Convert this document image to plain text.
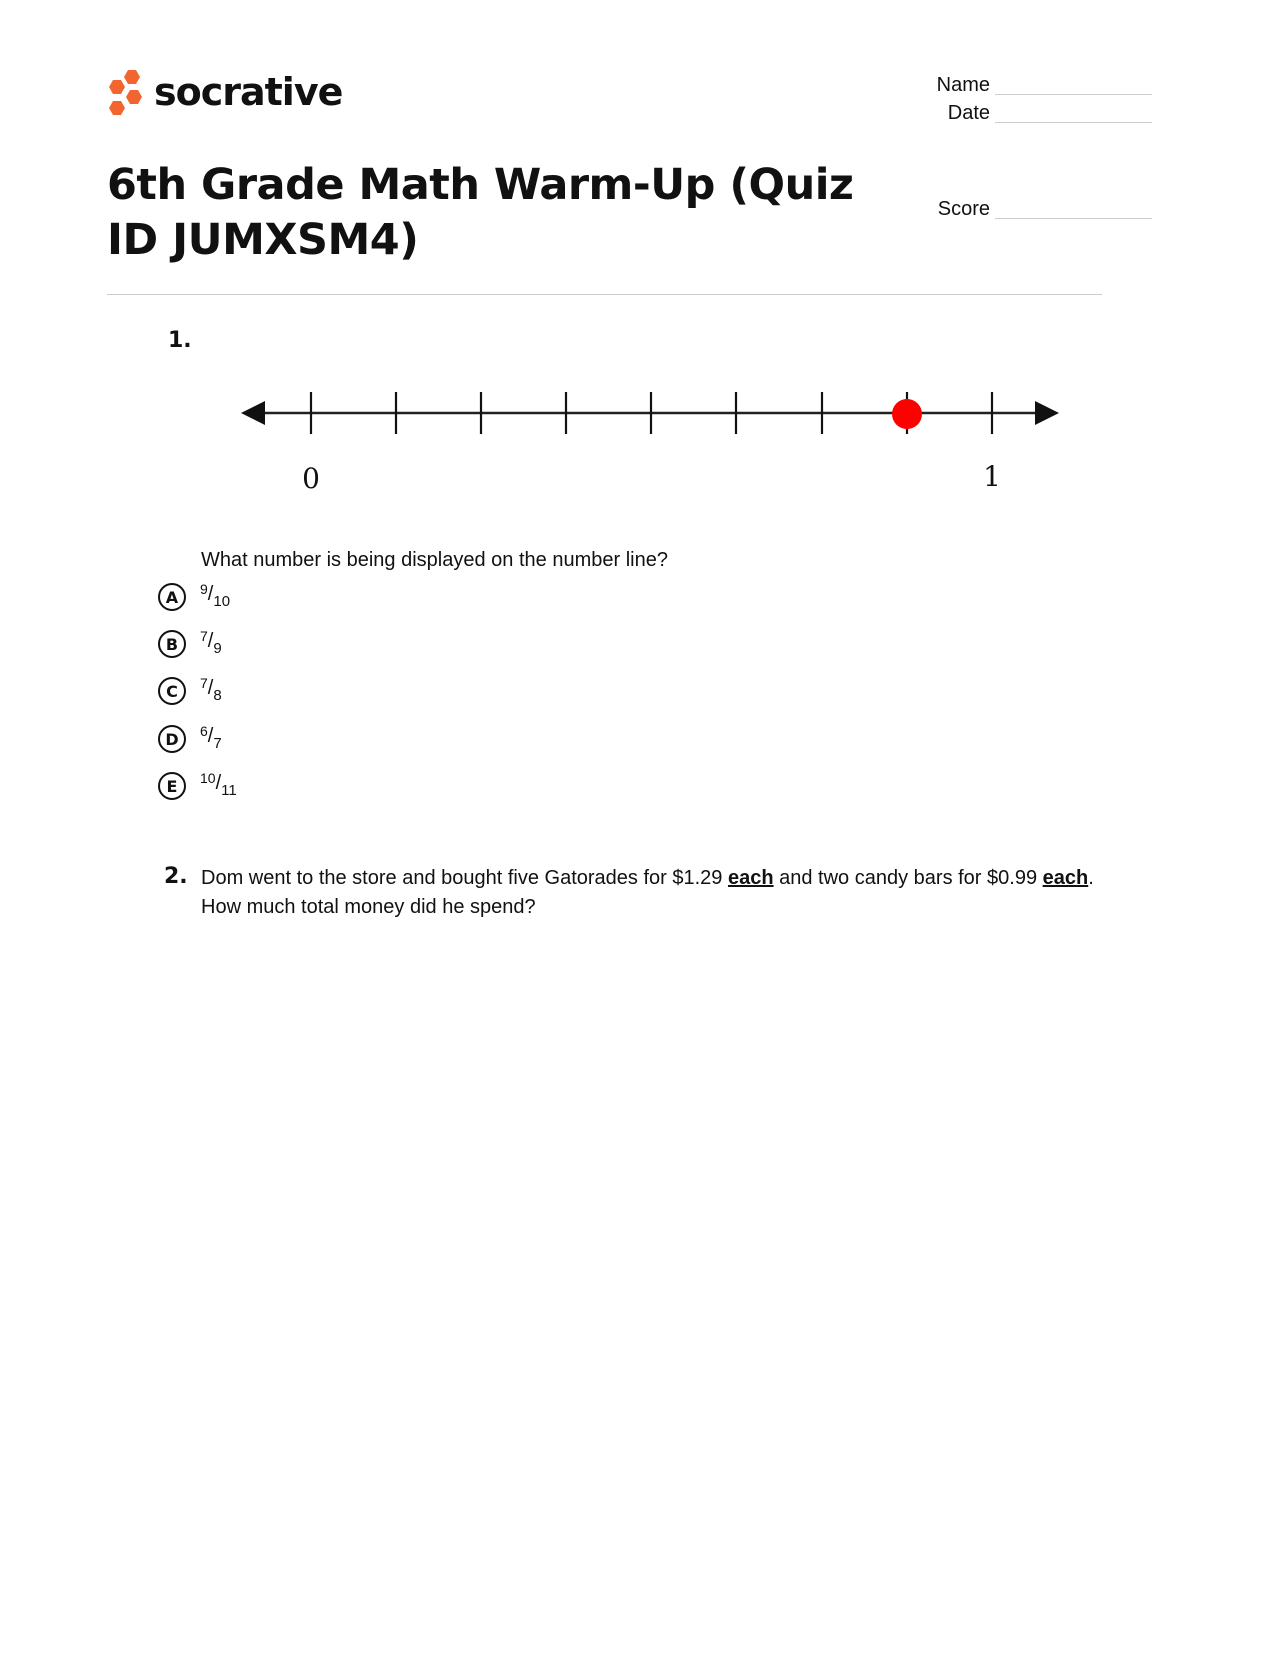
socrative	Name
Date
Score
6th Grade Math Warm-Up (Quiz ID JUMXSM4)
1.
0	1
What number is being displayed on the number line?
A	$^9/_{10}$
B	$^7/_9$
C	$^7/_8$
D	$^6/_7$
E	$^{10}/_{11}$
2. Dom went to the store and bought five Gatorades for $1.29 each and two candy bars for $0.99 each. How much total money did he spend?
